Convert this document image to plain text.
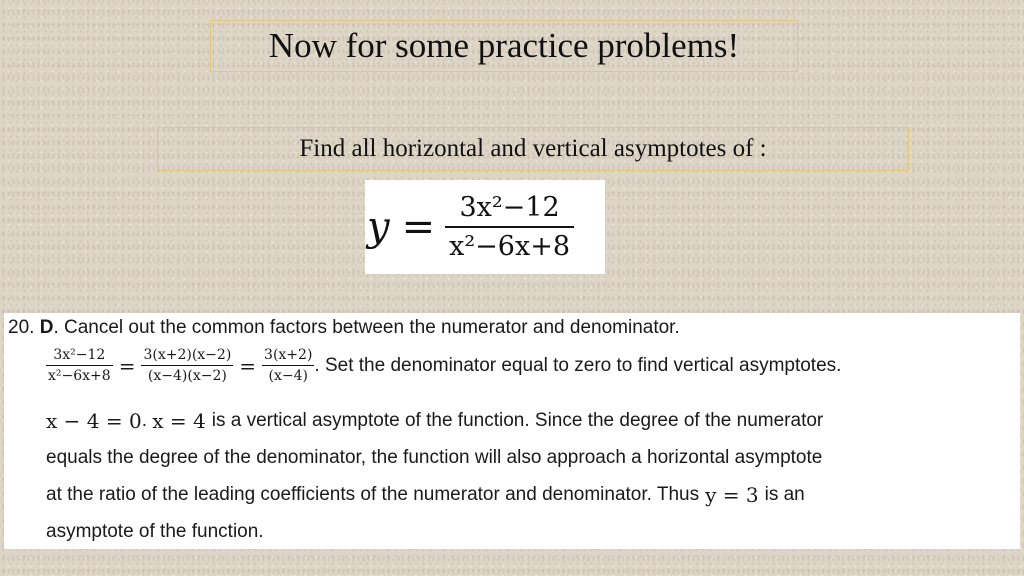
Now for some practice problems!
Find all horizontal and vertical asymptotes of :
$y = \frac{\text{3x²−12}}{\text{x²−6x+8}}$
20. D. Cancel out the common factors between the numerator and denominator.
$\frac{\text{3x²−12}}{\text{x²−6x+8}} = \frac{3(x+2)(x-2)}{(x-4)(x-2)} = \frac{3(x+2)}{(x-4)}$ . Set the denominator equal to zero to find vertical asymptotes.
x − 4 = 0 . x = 4 is a vertical asymptote of the function. Since the degree of the numerator
equals the degree of the denominator, the function will also approach a horizontal asymptote
at the ratio of the leading coefficients of the numerator and denominator. Thus y = 3 is an
asymptote of the function.
